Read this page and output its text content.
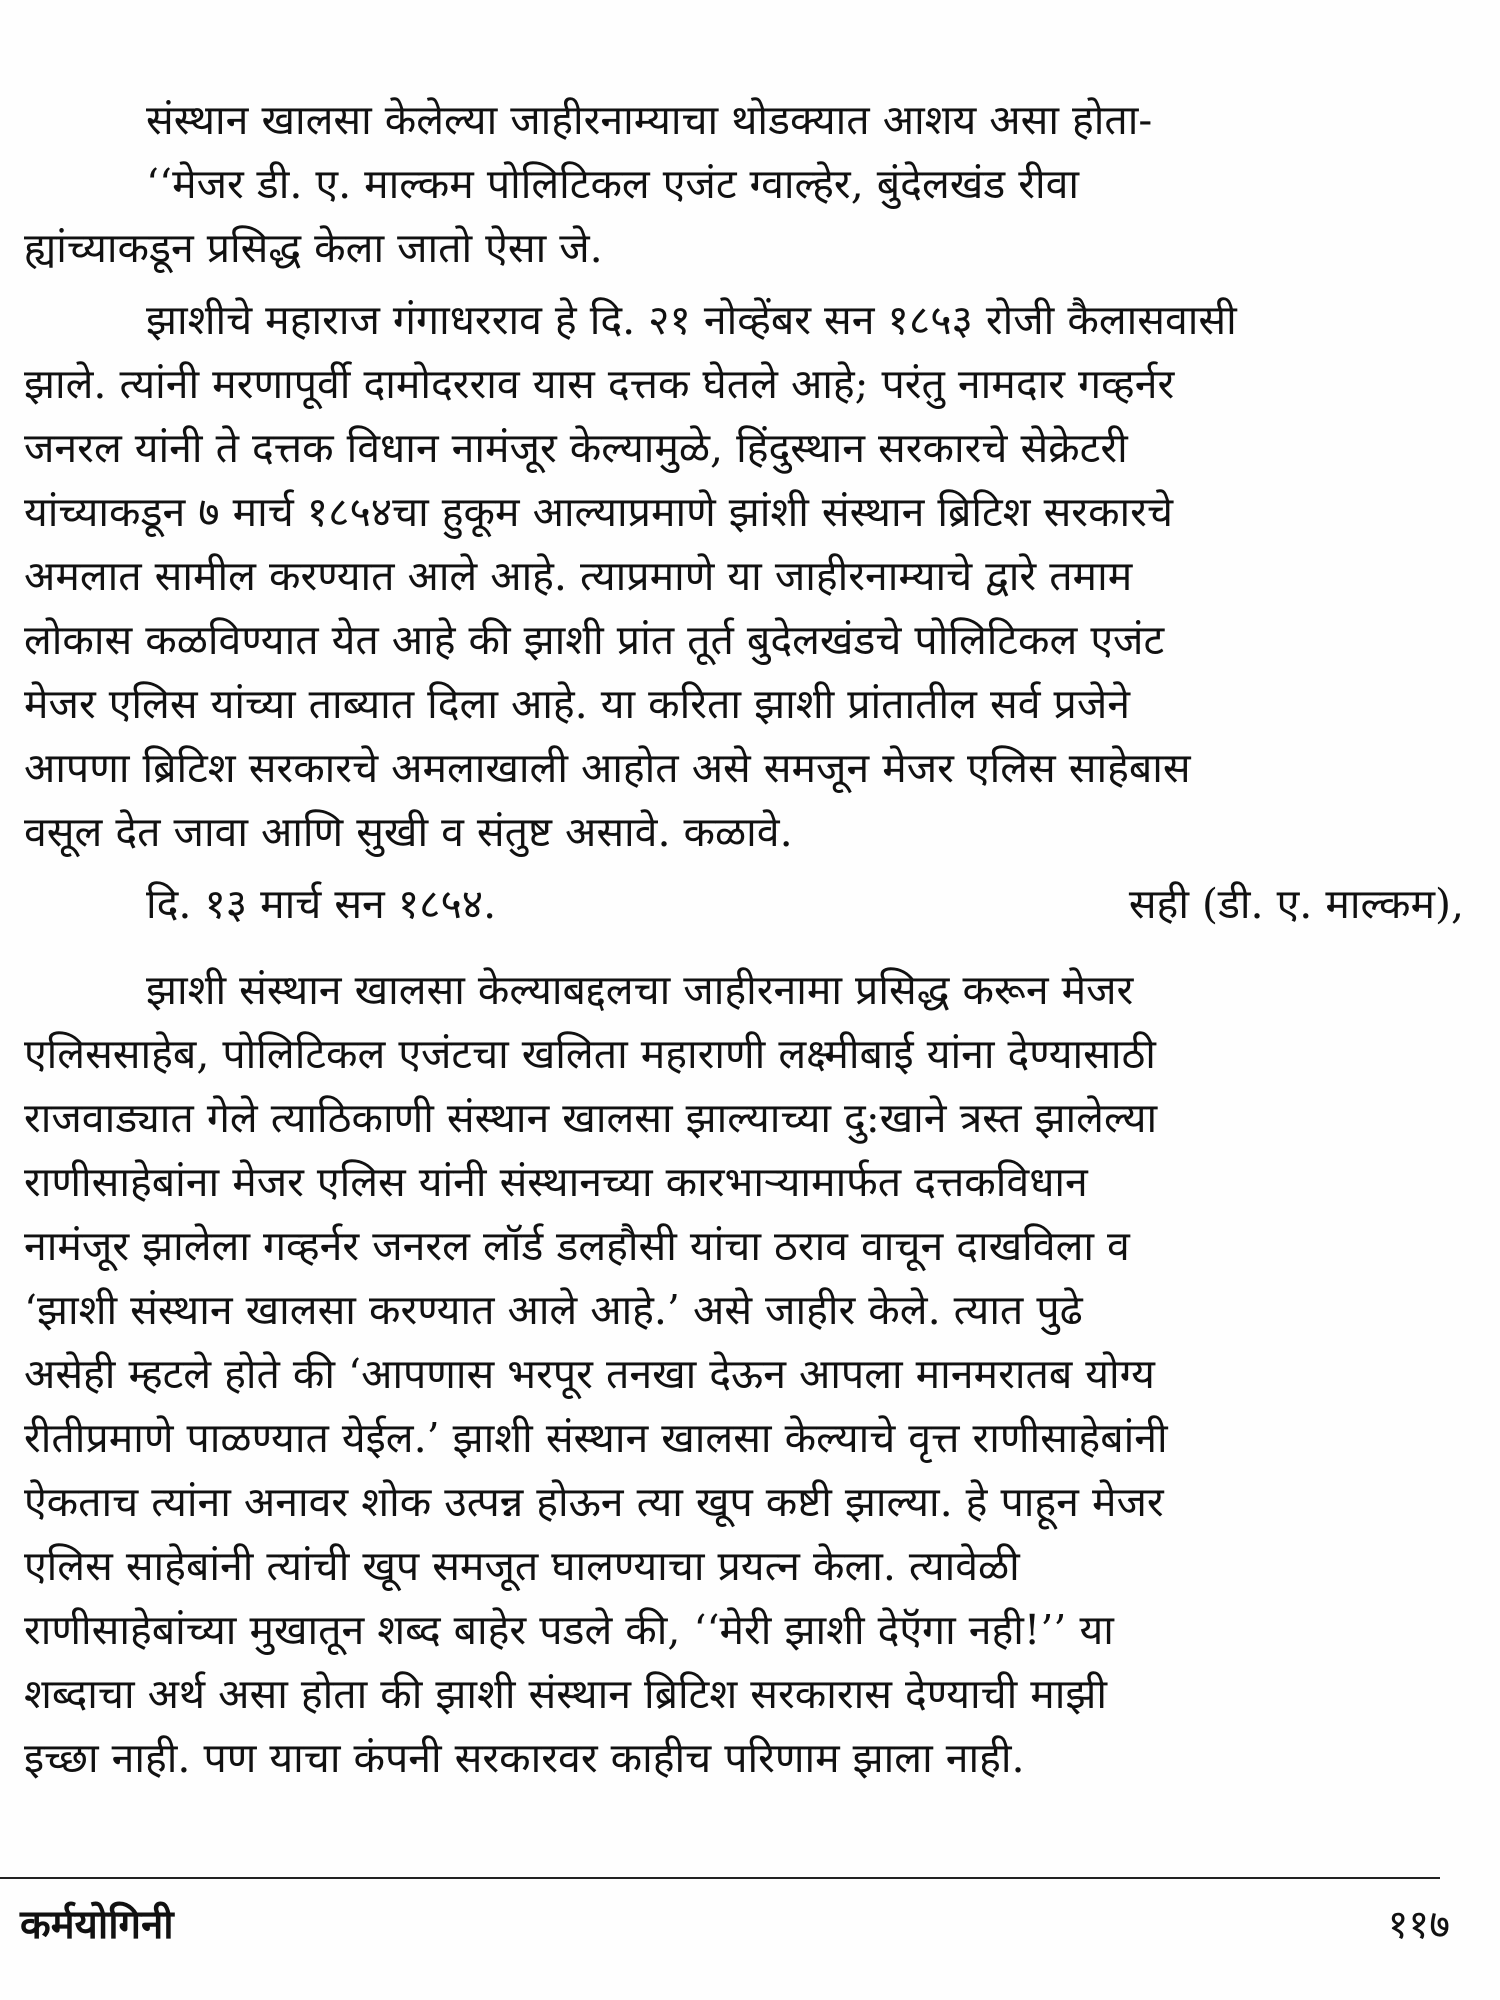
संस्थान खालसा केलेल्या जाहीरनाम्याचा थोडक्यात आशय असा होता-
‘‘मेजर डी. ए. माल्कम पोलिटिकल एजंट ग्वाल्हेर, बुंदेलखंड रीवा
ह्यांच्याकडून प्रसिद्ध केला जातो ऐसा जे.
झाशीचे महाराज गंगाधरराव हे दि. २१ नोव्हेंबर सन १८५३ रोजी कैलासवासी
झाले. त्यांनी मरणापूर्वी दामोदरराव यास दत्तक घेतले आहे; परंतु नामदार गव्हर्नर
जनरल यांनी ते दत्तक विधान नामंजूर केल्यामुळे, हिंदुस्थान सरकारचे सेक्रेटरी
यांच्याकडून ७ मार्च १८५४चा हुकूम आल्याप्रमाणे झांशी संस्थान ब्रिटिश सरकारचे
अमलात सामील करण्यात आले आहे. त्याप्रमाणे या जाहीरनाम्याचे द्वारे तमाम
लोकास कळविण्यात येत आहे की झाशी प्रांत तूर्त बुदेलखंडचे पोलिटिकल एजंट
मेजर एलिस यांच्या ताब्यात दिला आहे. या करिता झाशी प्रांतातील सर्व प्रजेने
आपणा ब्रिटिश सरकारचे अमलाखाली आहोत असे समजून मेजर एलिस साहेबास
वसूल देत जावा आणि सुखी व संतुष्ट असावे. कळावे.
दि. १३ मार्च सन १८५४.	सही (डी. ए. माल्कम),
झाशी संस्थान खालसा केल्याबद्दलचा जाहीरनामा प्रसिद्ध करून मेजर
एलिससाहेब, पोलिटिकल एजंटचा खलिता महाराणी लक्ष्मीबाई यांना देण्यासाठी
राजवाड्यात गेले त्याठिकाणी संस्थान खालसा झाल्याच्या दु:खाने त्रस्त झालेल्या
राणीसाहेबांना मेजर एलिस यांनी संस्थानच्या कारभाऱ्यामार्फत दत्तकविधान
नामंजूर झालेला गव्हर्नर जनरल लॉर्ड डलहौसी यांचा ठराव वाचून दाखविला व
‘झाशी संस्थान खालसा करण्यात आले आहे.’ असे जाहीर केले. त्यात पुढे
असेही म्हटले होते की ‘आपणास भरपूर तनखा देऊन आपला मानमरातब योग्य
रीतीप्रमाणे पाळण्यात येईल.’ झाशी संस्थान खालसा केल्याचे वृत्त राणीसाहेबांनी
ऐकताच त्यांना अनावर शोक उत्पन्न होऊन त्या खूप कष्टी झाल्या. हे पाहून मेजर
एलिस साहेबांनी त्यांची खूप समजूत घालण्याचा प्रयत्न केला. त्यावेळी
राणीसाहेबांच्या मुखातून शब्द बाहेर पडले की, ‘‘मेरी झाशी देऍगा नही!’’ या
शब्दाचा अर्थ असा होता की झाशी संस्थान ब्रिटिश सरकारास देण्याची माझी
इच्छा नाही. पण याचा कंपनी सरकारवर काहीच परिणाम झाला नाही.
कर्मयोगिनी	११७
